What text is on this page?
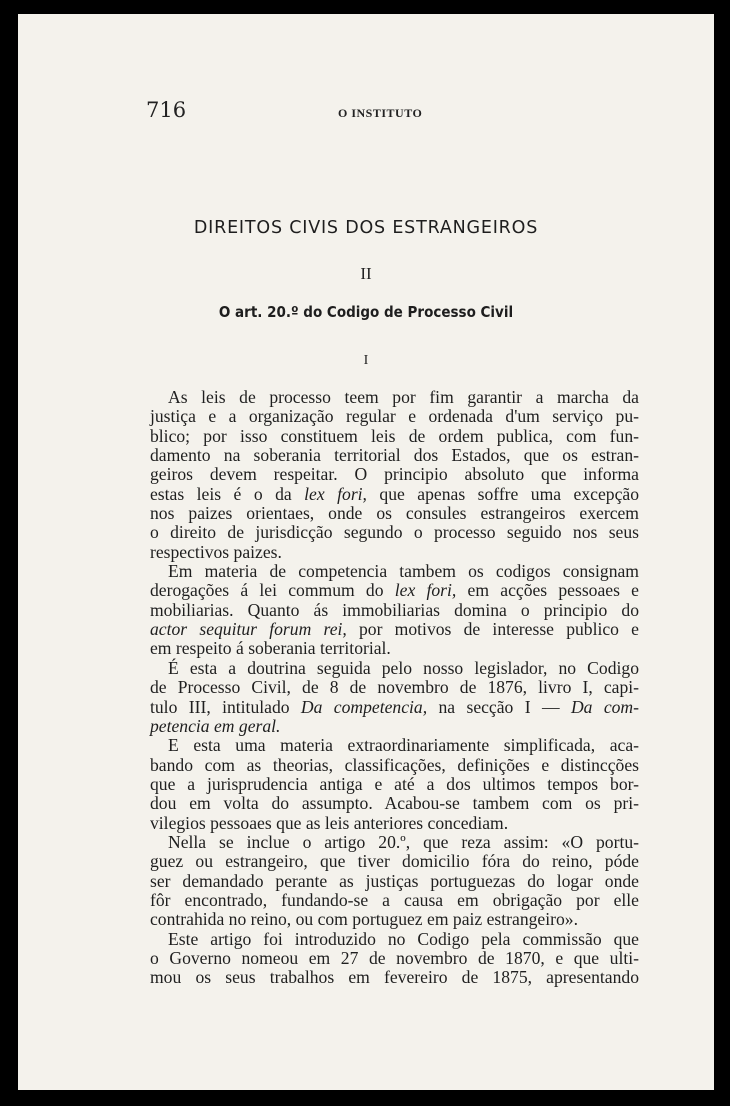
716	O INSTITUTO
DIREITOS CIVIS DOS ESTRANGEIROS
II
O art. 20.º do Codigo de Processo Civil
I
As leis de processo teem por fim garantir a marcha da
justiça e a organização regular e ordenada d'um serviço pu-
blico; por isso constituem leis de ordem publica, com fun-
damento na soberania territorial dos Estados, que os estran-
geiros devem respeitar. O principio absoluto que informa
estas leis é o da lex fori, que apenas soffre uma excepção
nos paizes orientaes, onde os consules estrangeiros exercem
o direito de jurisdicção segundo o processo seguido nos seus
respectivos paizes.
Em materia de competencia tambem os codigos consignam
derogações á lei commum do lex fori, em acções pessoaes e
mobiliarias. Quanto ás immobiliarias domina o principio do
actor sequitur forum rei, por motivos de interesse publico e
em respeito á soberania territorial.
É esta a doutrina seguida pelo nosso legislador, no Codigo
de Processo Civil, de 8 de novembro de 1876, livro I, capi-
tulo III, intitulado Da competencia, na secção I — Da com-
petencia em geral.
E esta uma materia extraordinariamente simplificada, aca-
bando com as theorias, classificações, definições e distincções
que a jurisprudencia antiga e até a dos ultimos tempos bor-
dou em volta do assumpto. Acabou-se tambem com os pri-
vilegios pessoaes que as leis anteriores concediam.
Nella se inclue o artigo 20.º, que reza assim: «O portu-
guez ou estrangeiro, que tiver domicilio fóra do reino, póde
ser demandado perante as justiças portuguezas do logar onde
fôr encontrado, fundando-se a causa em obrigação por elle
contrahida no reino, ou com portuguez em paiz estrangeiro».
Este artigo foi introduzido no Codigo pela commissão que
o Governo nomeou em 27 de novembro de 1870, e que ulti-
mou os seus trabalhos em fevereiro de 1875, apresentando
